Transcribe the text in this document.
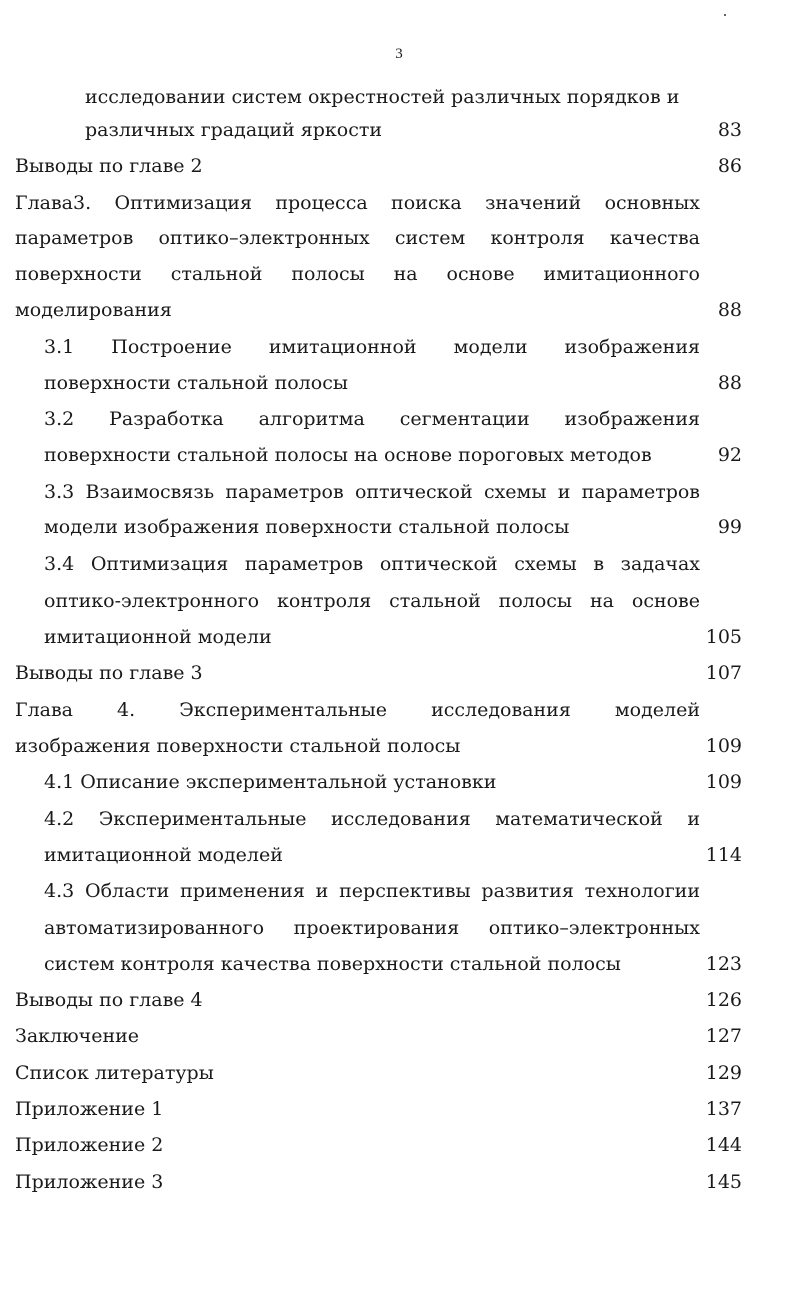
3
исследовании систем окрестностей различных порядков и
различных градаций яркости	83
Выводы по главе 2	86
Глава3. Оптимизация процесса поиска значений основных
параметров оптико–электронных систем контроля качества
поверхности стальной полосы на основе имитационного
моделирования	88
3.1 Построение имитационной модели изображения
поверхности стальной полосы	88
3.2 Разработка алгоритма сегментации изображения
поверхности стальной полосы на основе пороговых методов	92
3.3 Взаимосвязь параметров оптической схемы и параметров
модели изображения поверхности стальной полосы	99
3.4 Оптимизация параметров оптической схемы в задачах
оптико-электронного контроля стальной полосы на основе
имитационной модели	105
Выводы по главе 3	107
Глава 4. Экспериментальные исследования моделей
изображения поверхности стальной полосы	109
4.1 Описание экспериментальной установки	109
4.2 Экспериментальные исследования математической и
имитационной моделей	114
4.3 Области применения и перспективы развития технологии
автоматизированного проектирования оптико–электронных
систем контроля качества поверхности стальной полосы	123
Выводы по главе 4	126
Заключение	127
Список литературы	129
Приложение 1	137
Приложение 2	144
Приложение 3	145
